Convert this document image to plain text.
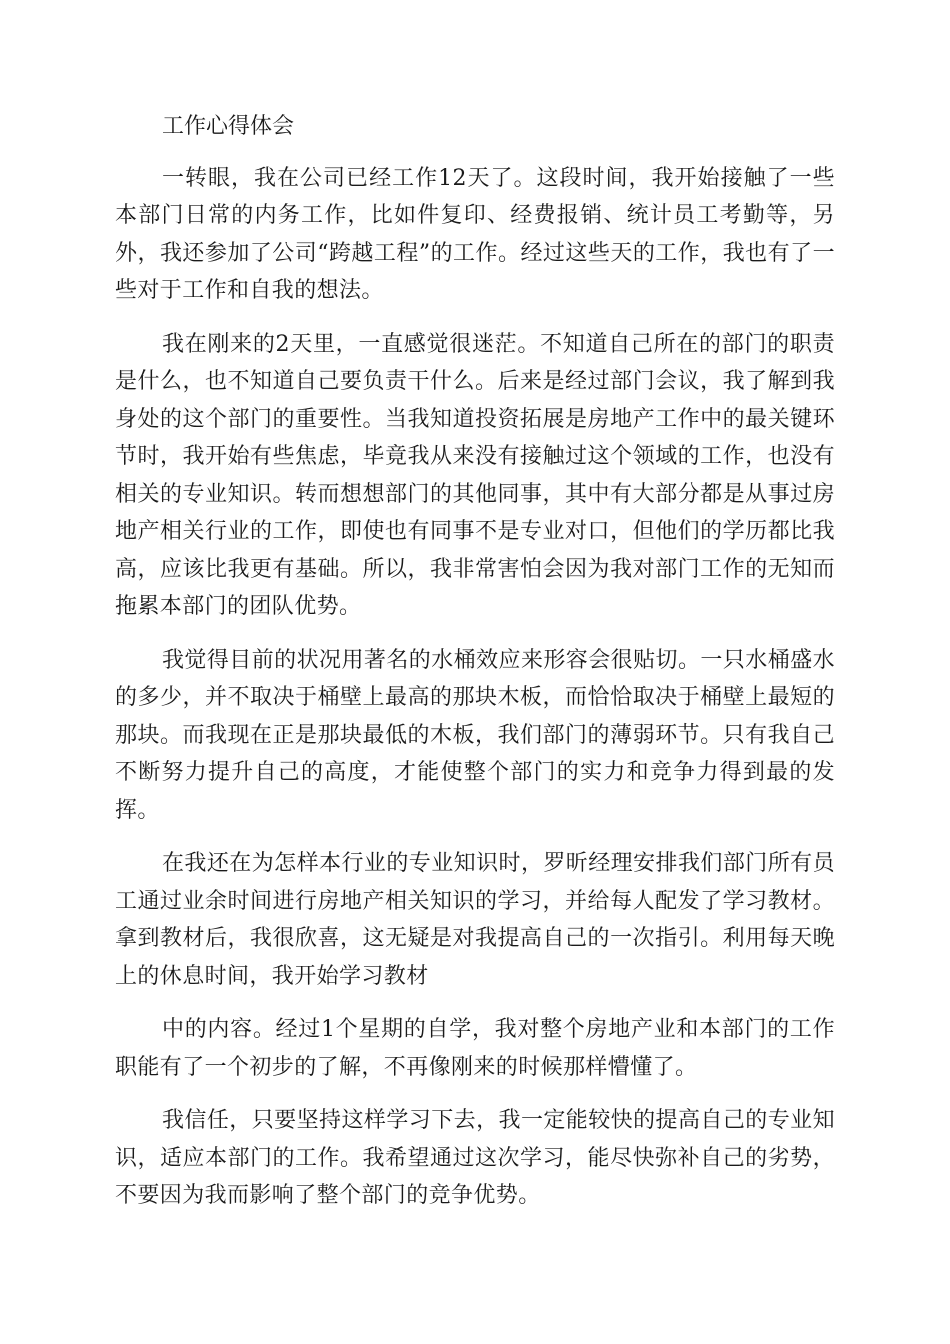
工作心得体会

一转眼，我在公司已经工作12天了。这段时间，我开始接触了一些本部门日常的内务工作，比如件复印、经费报销、统计员工考勤等，另外，我还参加了公司“跨越工程”的工作。经过这些天的工作，我也有了一些对于工作和自我的想法。

我在刚来的2天里，一直感觉很迷茫。不知道自己所在的部门的职责是什么，也不知道自己要负责干什么。后来是经过部门会议，我了解到我身处的这个部门的重要性。当我知道投资拓展是房地产工作中的最关键环节时，我开始有些焦虑，毕竟我从来没有接触过这个领域的工作，也没有相关的专业知识。转而想想部门的其他同事，其中有大部分都是从事过房地产相关行业的工作，即使也有同事不是专业对口，但他们的学历都比我高，应该比我更有基础。所以，我非常害怕会因为我对部门工作的无知而拖累本部门的团队优势。

我觉得目前的状况用著名的水桶效应来形容会很贴切。一只水桶盛水的多少，并不取决于桶壁上最高的那块木板，而恰恰取决于桶壁上最短的那块。而我现在正是那块最低的木板，我们部门的薄弱环节。只有我自己不断努力提升自己的高度，才能使整个部门的实力和竞争力得到最的发挥。

在我还在为怎样本行业的专业知识时，罗昕经理安排我们部门所有员工通过业余时间进行房地产相关知识的学习，并给每人配发了学习教材。拿到教材后，我很欣喜，这无疑是对我提高自己的一次指引。利用每天晚上的休息时间，我开始学习教材

中的内容。经过1个星期的自学，我对整个房地产业和本部门的工作职能有了一个初步的了解，不再像刚来的时候那样懵懂了。

我信任，只要坚持这样学习下去，我一定能较快的提高自己的专业知识，适应本部门的工作。我希望通过这次学习，能尽快弥补自己的劣势，不要因为我而影响了整个部门的竞争优势。
